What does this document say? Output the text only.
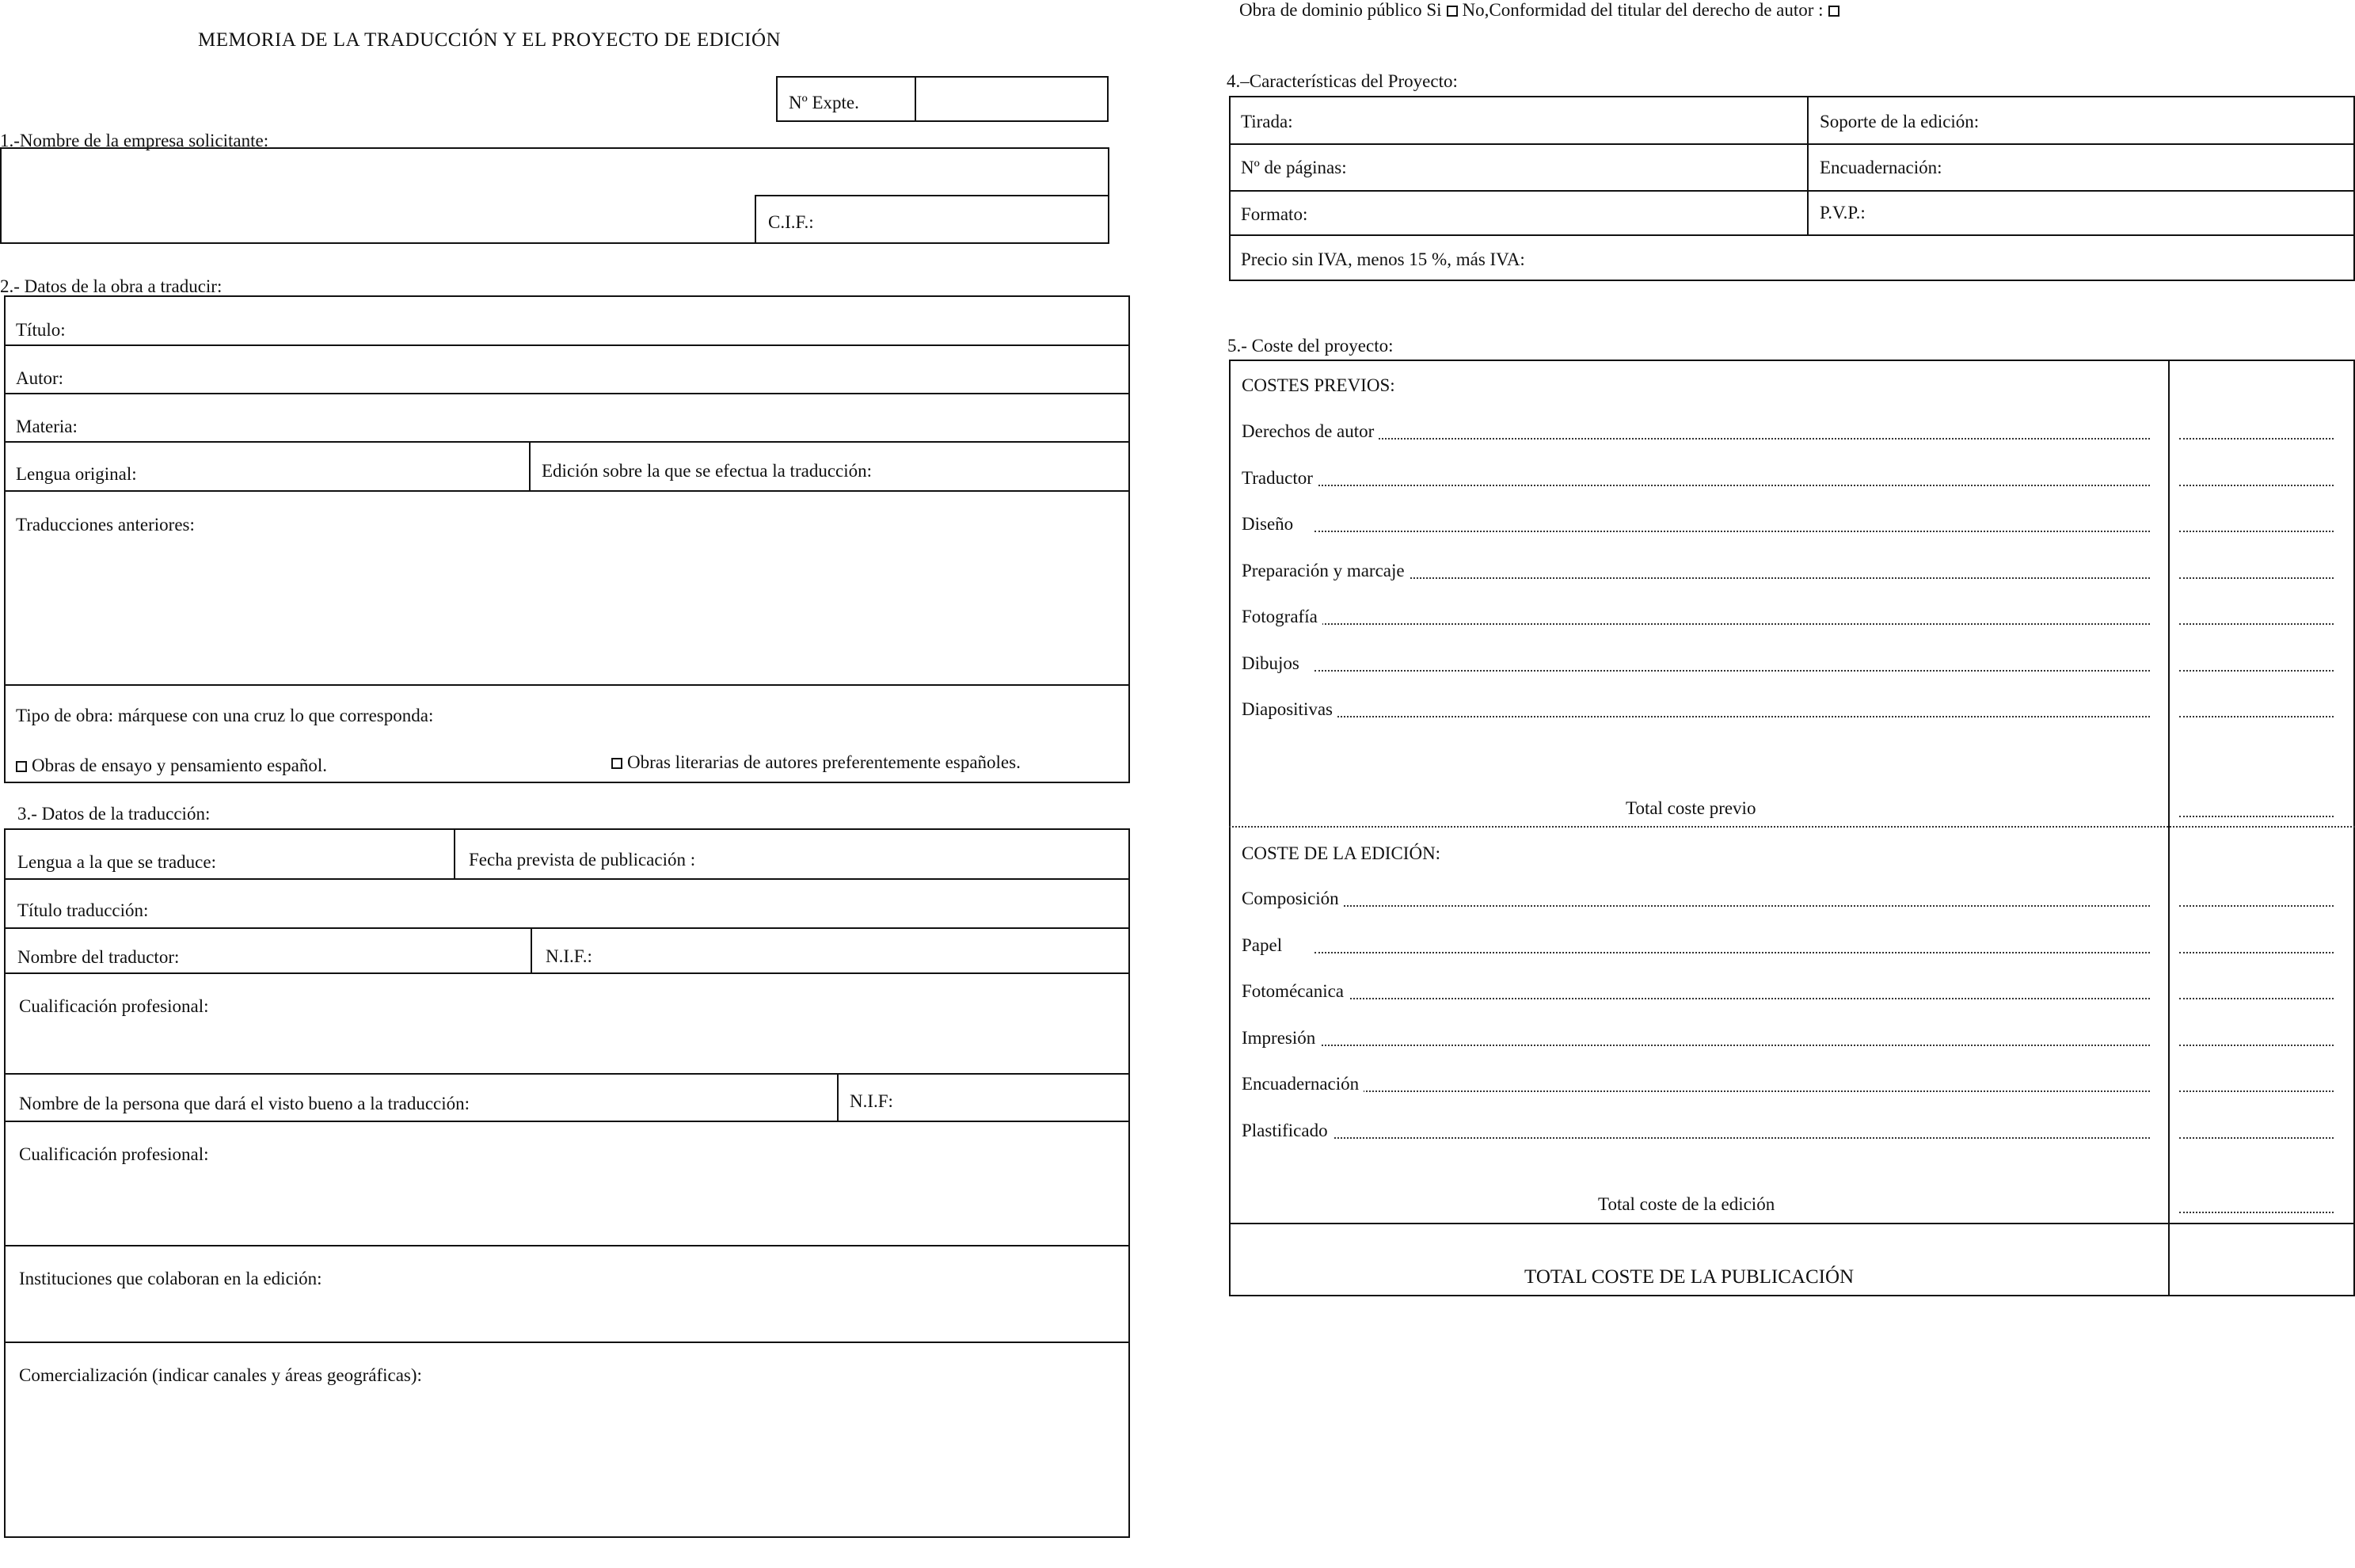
MEMORIA DE LA TRADUCCIÓN Y EL PROYECTO DE EDICIÓN
Nº Expte.
1.-Nombre de la empresa solicitante:
C.I.F.:
2.- Datos de la obra a traducir:
Título:
Autor:
Materia:
Lengua original:	Edición sobre la que se efectua la traducción:
Traducciones anteriores:
Tipo de obra: márquese con una cruz lo que corresponda:
Obras de ensayo y pensamiento español.	Obras literarias de autores preferentemente españoles.
3.- Datos de la traducción:
Lengua a la que se traduce:	Fecha prevista de publicación :
Título traducción:
Nombre del traductor:	N.I.F.:
Cualificación profesional:
Nombre de la persona que dará el visto bueno a la traducción:	N.I.F:
Cualificación profesional:
Instituciones que colaboran en la edición:
Comercialización (indicar canales y áreas geográficas):
Obra de dominio público Si No,Conformidad del titular del derecho de autor :
4.–Características del Proyecto:
Tirada:	Soporte de la edición:
Nº de páginas:	Encuadernación:
Formato:	P.V.P.:
Precio sin IVA, menos 15 %, más IVA:
5.- Coste del proyecto:
COSTES PREVIOS:
Derechos de autor
Traductor
Diseño
Preparación y marcaje
Fotografía
Dibujos
Diapositivas
Total coste previo
COSTE DE LA EDICIÓN:
Composición
Papel
Fotomécanica
Impresión
Encuadernación
Plastificado
Total coste de la edición
TOTAL COSTE DE LA PUBLICACIÓN
